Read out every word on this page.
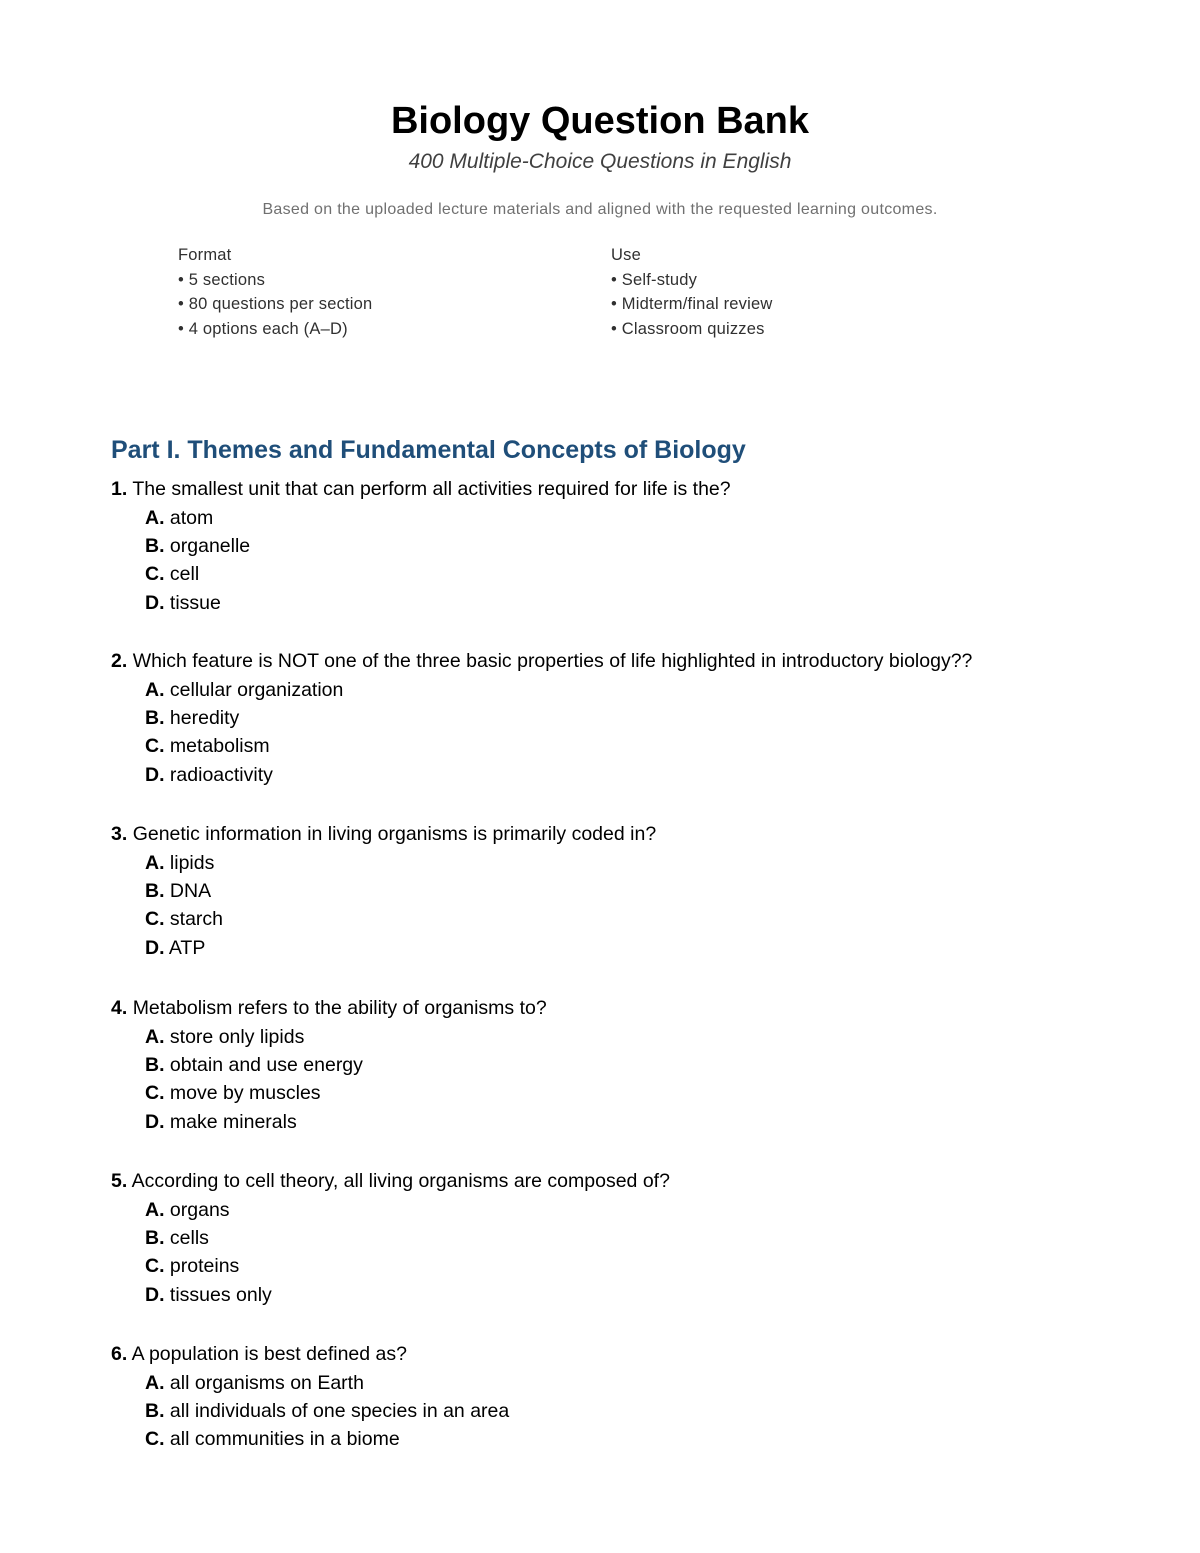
Biology Question Bank
400 Multiple-Choice Questions in English
Based on the uploaded lecture materials and aligned with the requested learning outcomes.
Format
• 5 sections
• 80 questions per section
• 4 options each (A–D)
Use
• Self-study
• Midterm/final review
• Classroom quizzes
Part I. Themes and Fundamental Concepts of Biology
1. The smallest unit that can perform all activities required for life is the?
A. atom
B. organelle
C. cell
D. tissue
2. Which feature is NOT one of the three basic properties of life highlighted in introductory biology??
A. cellular organization
B. heredity
C. metabolism
D. radioactivity
3. Genetic information in living organisms is primarily coded in?
A. lipids
B. DNA
C. starch
D. ATP
4. Metabolism refers to the ability of organisms to?
A. store only lipids
B. obtain and use energy
C. move by muscles
D. make minerals
5. According to cell theory, all living organisms are composed of?
A. organs
B. cells
C. proteins
D. tissues only
6. A population is best defined as?
A. all organisms on Earth
B. all individuals of one species in an area
C. all communities in a biome
